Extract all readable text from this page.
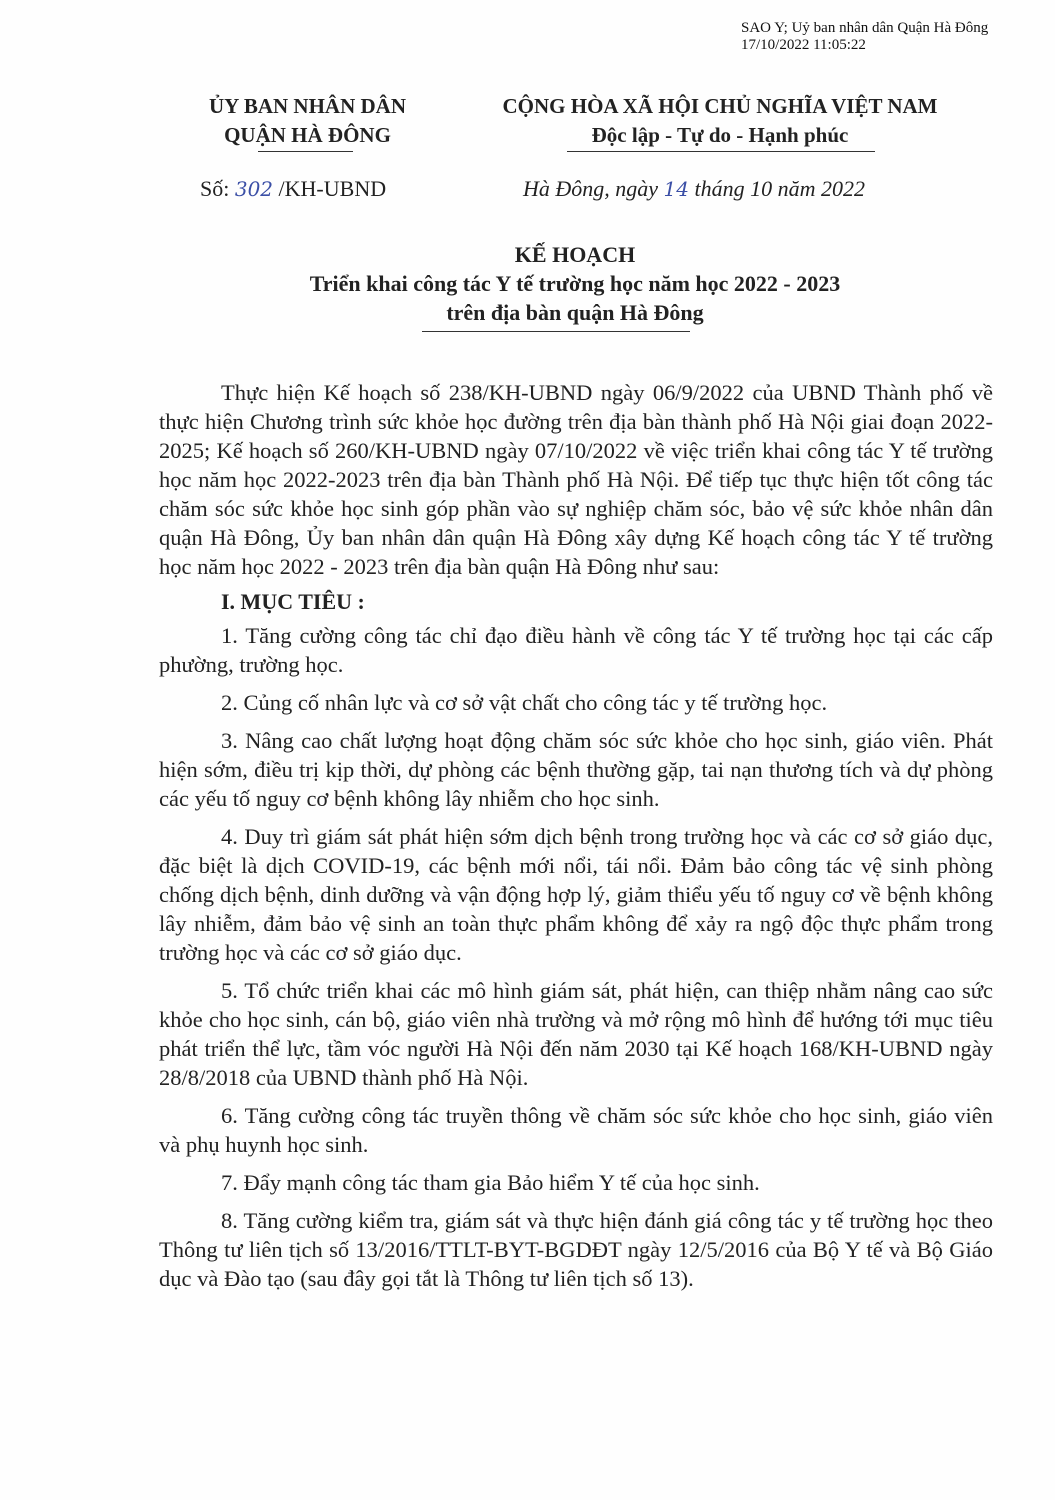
SAO Y; Uỷ ban nhân dân Quận Hà Đông
17/10/2022 11:05:22
ỦY BAN NHÂN DÂN
QUẬN HÀ ĐÔNG
CỘNG HÒA XÃ HỘI CHỦ NGHĨA VIỆT NAM
Độc lập - Tự do - Hạnh phúc
Số: 302 /KH-UBND	Hà Đông, ngày 14 tháng 10 năm 2022
KẾ HOẠCH
Triển khai công tác Y tế trường học năm học 2022 - 2023
trên địa bàn quận Hà Đông

Thực hiện Kế hoạch số 238/KH-UBND ngày 06/9/2022 của UBND Thành phố về thực hiện Chương trình sức khỏe học đường trên địa bàn thành phố Hà Nội giai đoạn 2022-2025; Kế hoạch số 260/KH-UBND ngày 07/10/2022 về việc triển khai công tác Y tế trường học năm học 2022-2023 trên địa bàn Thành phố Hà Nội. Để tiếp tục thực hiện tốt công tác chăm sóc sức khỏe học sinh góp phần vào sự nghiệp chăm sóc, bảo vệ sức khỏe nhân dân quận Hà Đông, Ủy ban nhân dân quận Hà Đông xây dựng Kế hoạch công tác Y tế trường học năm học 2022 - 2023 trên địa bàn quận Hà Đông như sau:

I. MỤC TIÊU :

1. Tăng cường công tác chỉ đạo điều hành về công tác Y tế trường học tại các cấp phường, trường học.

2. Củng cố nhân lực và cơ sở vật chất cho công tác y tế trường học.

3. Nâng cao chất lượng hoạt động chăm sóc sức khỏe cho học sinh, giáo viên. Phát hiện sớm, điều trị kịp thời, dự phòng các bệnh thường gặp, tai nạn thương tích và dự phòng các yếu tố nguy cơ bệnh không lây nhiễm cho học sinh.

4. Duy trì giám sát phát hiện sớm dịch bệnh trong trường học và các cơ sở giáo dục, đặc biệt là dịch COVID-19, các bệnh mới nổi, tái nổi. Đảm bảo công tác vệ sinh phòng chống dịch bệnh, dinh dưỡng và vận động hợp lý, giảm thiểu yếu tố nguy cơ về bệnh không lây nhiễm, đảm bảo vệ sinh an toàn thực phẩm không để xảy ra ngộ độc thực phẩm trong trường học và các cơ sở giáo dục.

5. Tổ chức triển khai các mô hình giám sát, phát hiện, can thiệp nhằm nâng cao sức khỏe cho học sinh, cán bộ, giáo viên nhà trường và mở rộng mô hình để hướng tới mục tiêu phát triển thể lực, tầm vóc người Hà Nội đến năm 2030 tại Kế hoạch 168/KH-UBND ngày 28/8/2018 của UBND thành phố Hà Nội.

6. Tăng cường công tác truyền thông về chăm sóc sức khỏe cho học sinh, giáo viên và phụ huynh học sinh.

7. Đẩy mạnh công tác tham gia Bảo hiểm Y tế của học sinh.

8. Tăng cường kiểm tra, giám sát và thực hiện đánh giá công tác y tế trường học theo Thông tư liên tịch số 13/2016/TTLT-BYT-BGDĐT ngày 12/5/2016 của Bộ Y tế và Bộ Giáo dục và Đào tạo (sau đây gọi tắt là Thông tư liên tịch số 13).
